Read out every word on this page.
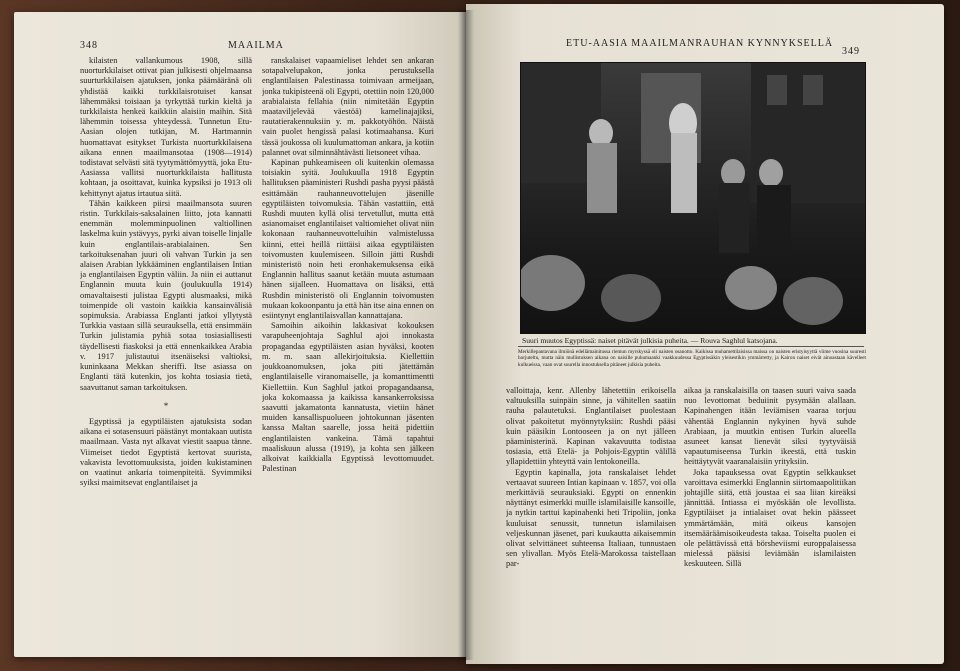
348	MAAILMA

kilaisten vallankumous 1908, sillä nuorturkkilaiset ottivat pian julkisesti ohjelmaansa suurturkkilaisen ajatuksen, jonka päämääränä oli yhdistää kaikki turkkilaisrotuiset kansat lähemmäksi toisiaan ja tyrkyttää turkin kieltä ja turkkilaista henkeä kaikkiin alaisiin maihin. Sitä lähemmin toisessa yhteydessä. Tunnetun Etu-Aasian olojen tutkijan, M. Hartmannin huomattavat esitykset Turkista nuorturkkilaisena aikana ennen maailmansotaa (1908—1914) todistavat selvästi sitä tyytymättömyyttä, joka Etu-Aasiassa vallitsi nuorturkkilaista hallitusta kohtaan, ja osoittavat, kuinka kypsiksi jo 1913 oli kehittynyt ajatus irtautua siitä.

Tähän kaikkeen piirsi maailmansota suuren ristin. Turkkilais-saksalainen liitto, jota kannatti enemmän molemminpuolinen valtiollinen laskelma kuin ystävyys, pyrki aivan toiselle linjalle kuin englantilais-arabialainen. Sen tarkoituksenahan juuri oli vahvan Turkin ja sen alaisen Arabian lykkääminen englantilaisen Intian ja englantilaisen Egyptin väliin. Ja niin ei auttanut Englannin muuta kuin (joulukuulla 1914) omavaltaisesti julistaa Egypti alusmaaksi, mikä toimenpide oli vastoin kaikkia kansainvälisiä sopimuksia. Arabiassa Englanti jatkoi yllytystä Turkkia vastaan sillä seurauksella, että ensimmäin Turkin julistamia pyhiä sotaa tosiasiallisesti täydellisesti fiaskoksi ja että ennenkaikkea Arabia v. 1917 julistautui itsenäiseksi valtioksi, kuninkaana Mekkan sheriffi. Itse asiassa on Englanti tätä kutenkin, jos kohta tosiasia tietä, saavuttanut saman tarkoituksen.

*

Egyptissä ja egyptiläisten ajatuksista sodan aikana ei sotasensuuri päästänyt montakaan uutista maailmaan. Vasta nyt alkavat viestit saapua tänne. Viimeiset tiedot Egyptistä kertovat suurista, vakavista levottomuuksista, joiden kukistaminen on vaatinut ankaria toimenpiteitä. Syvimmiksi syiksi maimitsevat englantilaiset ja

ranskalaiset vapaamieliset lehdet sen ankaran sotapalvelupakon, jonka perustuksella englantilaisen Palestinassa toimivaan armeijaan, jonka tukipisteenä oli Egypti, otettiin noin 120,000 arabialaista fellahia (niin nimitetään Egyptin maataviljelevää väestöä) kamelinajajiksi, rautatierakennuksiin y. m. pakkotyöhön. Näistä vain puolet hengissä palasi kotimaahansa. Kuri tässä joukossa oli kuulumattoman ankara, ja kotiin palannet ovat silminnähtävästi lietsoneet vihaa.

Kapinan puhkeamiseen oli kuitenkin olemassa toisiakin syitä. Joulukuulla 1918 Egyptin hallituksen päaministeri Rushdi pasha pyysi päästä esittämään rauhanneuvottelujen jäsenille egyptiläisten toivomuksia. Tähän vastattiin, että Rushdi muuten kyllä olisi tervetullut, mutta että asianomaiset englantilaiset valtiomiehet olivat niin kokonaan rauhanneuvotteluihin valmistelussa kiinni, ettei heillä riittäisi aikaa egyptiläisten toivomusten kuulemiseen. Silloin jätti Rushdi ministeristö noin heti eronhakemuksensa eikä Englannin hallitus saanut ketään muuta astumaan hänen sijalleen. Huomattava on lisäksi, että Rushdin ministeristö oli Englannin toivomusten mukaan kokoonpantu ja että hän itse aina ennen on esiintynyt englantilaisvallan kannattajana.

Samoihin aikoihin lakkasivat kokouksen varapuheenjohtaja Saghlul ajoi innokasta propagandaa egyptiläisten asian hyväksi, kooten m. m. saan allekirjoituksia. Kiellettiin joukkoanomuksen, joka piti jätettämän englantilaiselle viranomaiselle, ja komanttimentti Kiellettiin. Kun Saghlul jatkoi propagandaansa, joka kokomaassa ja kaikissa kansankerroksissa saavutti jakamatonta kannatusta, vietiin hänet muiden kansallispuolueen johtokunnan jäsenten kanssa Maltan saarelle, jossa heitä pidettiin englantilaisten vankeina. Tämä tapahtui maaliskuun alussa (1919), ja kohta sen jälkeen alkoivat kaikkialla Egyptissä levottomuudet. Palestinan

ETU-AASIA MAAILMANRAUHAN KYNNYKSELLÄ
349
Suuri muutos Egyptissä: naiset pitävät julkisia puheita. — Rouva Saghlul katsojana.
Merkillepantavana ilmiönä edellämainitussa riemun myrskyssä oli naisten osanotto. Kaikissa muhamettilaisissa maissa on naisten eristyisyyttä viime vuosina suuresti horjuteltu, mutta näin mullistuksen aikana on naisille puhumaanki vaakkuudessa Egyptissäkin yleisestikin ymmärretty, ja Kairon naiset eivät ainoastaan kävelleet kulkueissa, vaan ovat suurella innostuksella pitäneet julkisia puheita.

valloittaja, kenr. Allenby lähetettiin erikoisella valtuuksilla suinpäin sinne, ja vähitellen saatiin rauha palautetuksi. Englantilaiset puolestaan olivat pakoitetut myönnytyksiin: Rushdi pääsi kuin pääsikin Lontooseen ja on nyt jälleen päaministerinä. Kapinan vakavuutta todistaa tosiasia, että Etelä- ja Pohjois-Egyptin välillä yllapidettiin yhteyttä vain lentokoneilla.

Egyptin kapinalla, jota ranskalaiset lehdet vertaavat suureen Intian kapinaan v. 1857, voi olla merkittäviä seurauksiaki. Egypti on ennenkin näyttänyt esimerkki muille islamilaisille kansoille, ja nytkin tarttui kapinahenki heti Tripoliin, jonka kuuluisat senussit, tunnetun islamilaisen veljeskunnan jäsenet, pari kuukautta aikaisemmin olivat selvittäneet suhteensa Italiaan, tunnustaen sen ylivallan. Myös Etelä-Marokossa taistellaan par-

aikaa ja ranskalaisilla on taasen suuri vaiva saada nuo levottomat beduiinit pysymään alallaan. Kapinahengen itään leviämisen vaaraa torjuu vähentää Englannin nykyinen hyvä suhde Arabiaan, ja muutkin entisen Turkin alueella asuneet kansat lienevät siksi tyytyväisiä vapautumiseensa Turkin ikeestä, että tuskin heittäytyvät vaaranalaisiin yrityksiin.

Joka tapauksessa ovat Egyptin selkkaukset varoittava esimerkki Englannin siirtomaapolitiikan johtajille siitä, että joustaa ei saa liian kireäksi jännittää. Intiassa ei myöskään ole levollista. Egyptiläiset ja intialaiset ovat hekin päässeet ymmärtämään, mitä oikeus kansojen itsemääräämisoikeudesta takaa. Toiselta puolen ei ole pelättävissä että börsheviismi europpalaisessa mielessä pääsisi leviämään islamilaisten keskuuteen. Sillä
